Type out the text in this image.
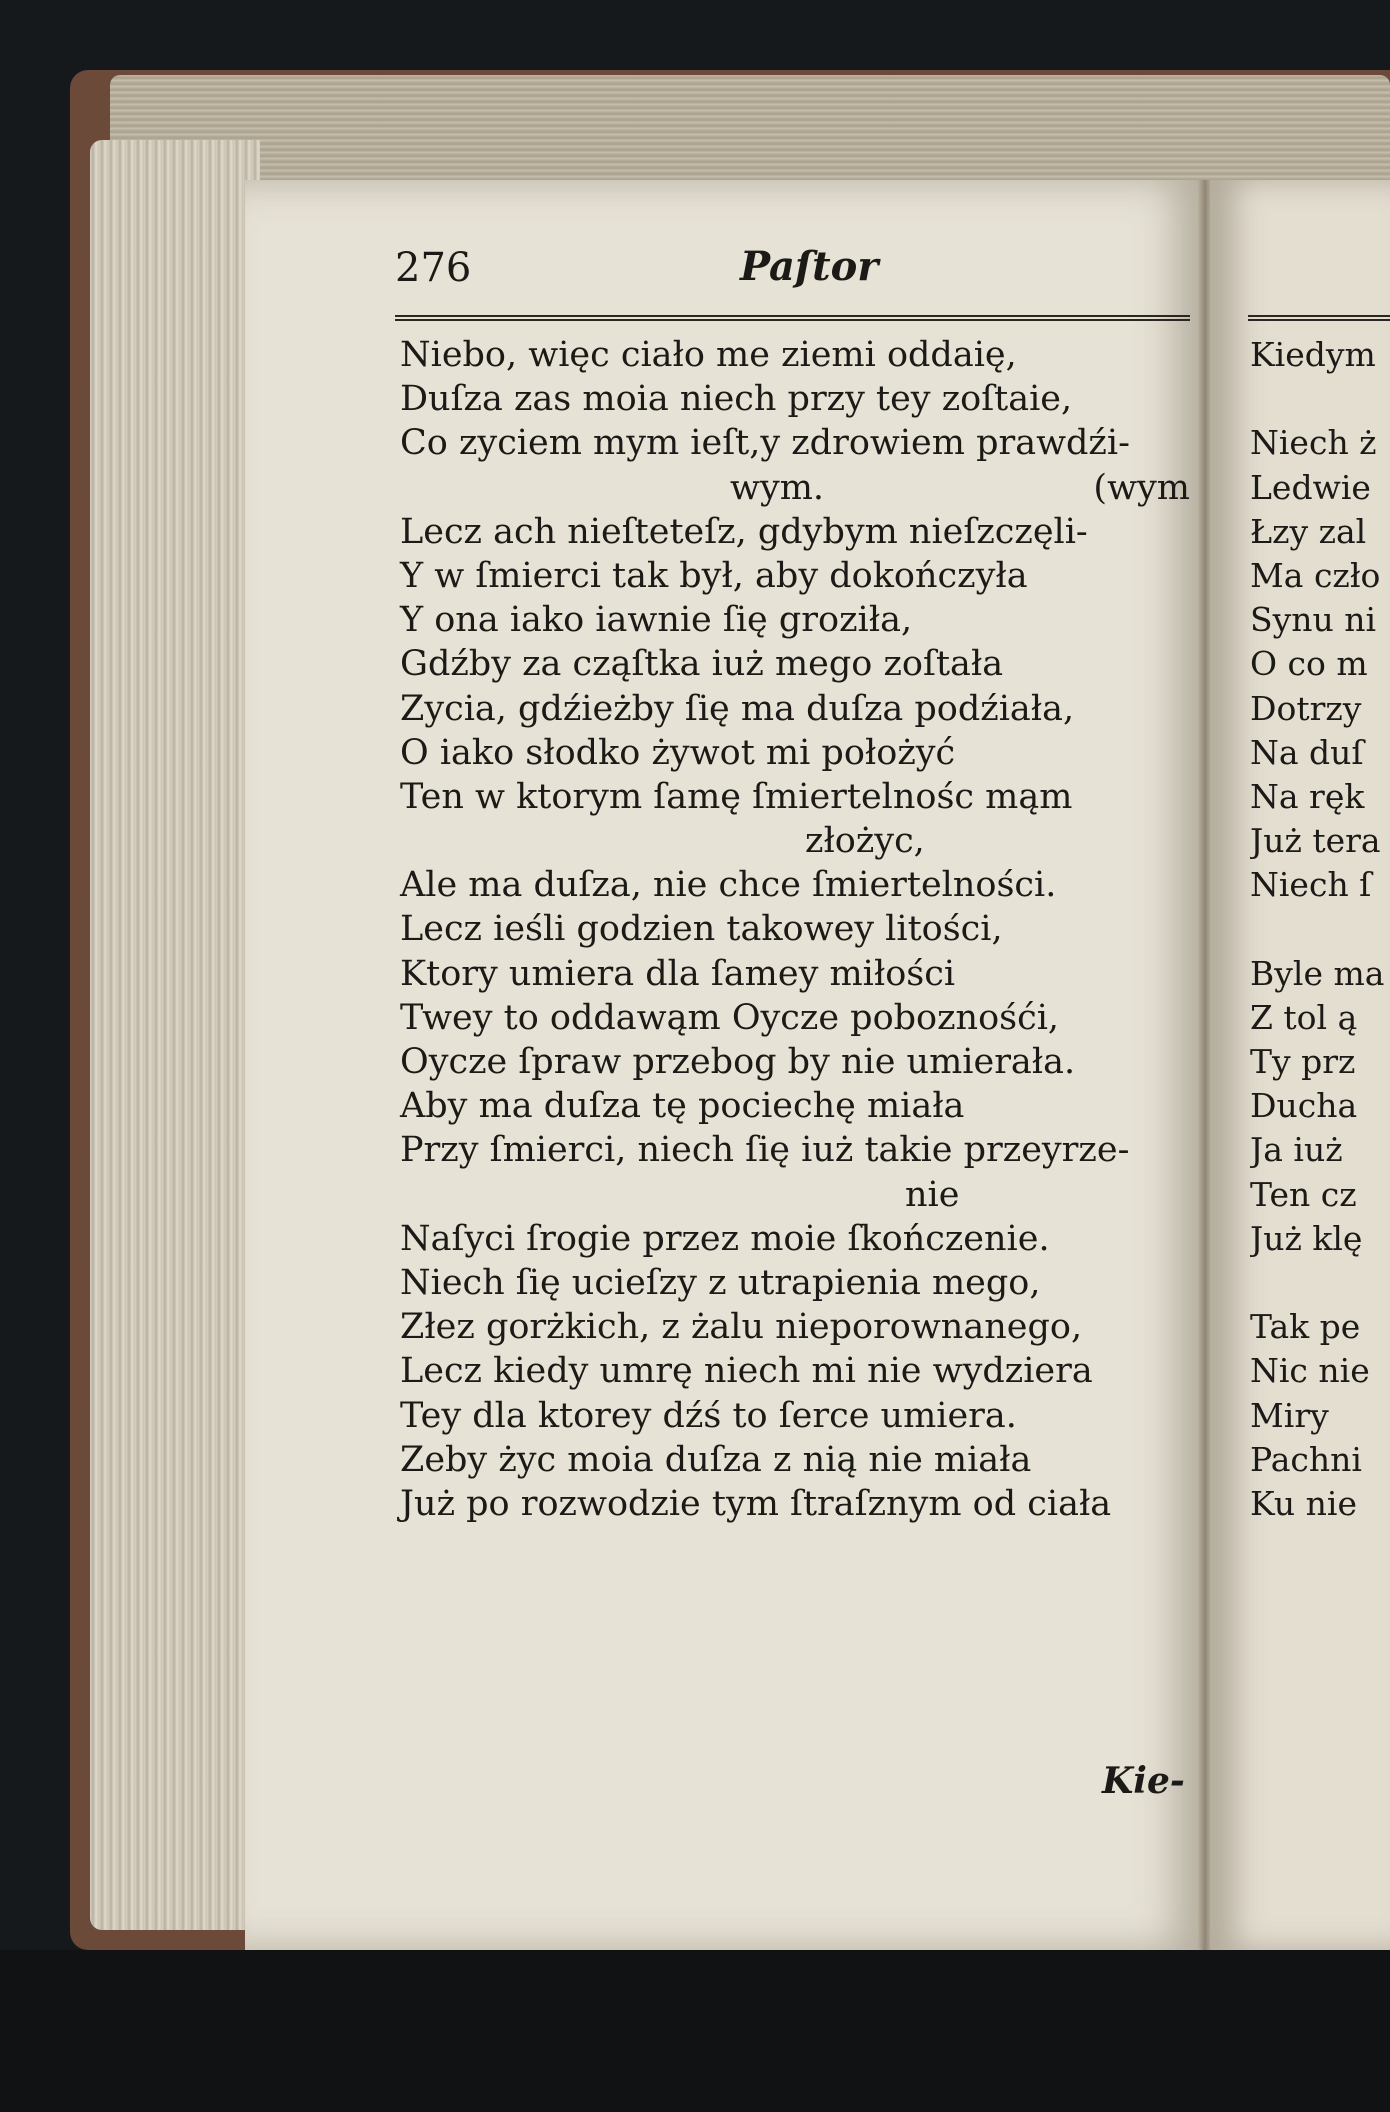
276	Paſtor
Niebo, więc ciało me ziemi oddaię,
Duſza zas moia niech przy tey zoſtaie,
Co zyciem mym ieſt,y zdrowiem prawdźi-
wym.	(wym
Lecz ach nieſteteſz, gdybym nieſzczęli-
Y w ſmierci tak był, aby dokończyła
Y ona iako iawnie ſię groziła,
Gdźby za cząſtka iuż mego zoſtała
Zycia, gdźieżby ſię ma duſza podźiała,
O iako słodko żywot mi położyć
Ten w ktorym ſamę ſmiertelnośc mąm
złożyc,
Ale ma duſza, nie chce ſmiertelności.
Lecz ieśli godzien takowey litości,
Ktory umiera dla ſamey miłości
Twey to oddawąm Oycze poboznośći,
Oycze ſpraw przebog by nie umierała.
Aby ma duſza tę pociechę miała
Przy ſmierci, niech ſię iuż takie przeyrze-
nie
Naſyci ſrogie przez moie ſkończenie.
Niech ſię ucieſzy z utrapienia mego,
Złez gorżkich, z żalu nieporownanego,
Lecz kiedy umrę niech mi nie wydziera
Tey dla ktorey dźś to ſerce umiera.
Zeby życ moia duſza z nią nie miała
Już po rozwodzie tym ſtraſznym od ciała
Kie-
Kiedym
Niech ż
Ledwie
Łzy zal
Ma czło
Synu ni
O co m
Dotrzy
Na duſ
Na ręk
Już tera
Niech ſ
Byle ma
Z tol ą
Ty prz
Ducha
Ja iuż
Ten cz
Już klę
Tak pe
Nic nie
Miry
Pachni
Ku nie
